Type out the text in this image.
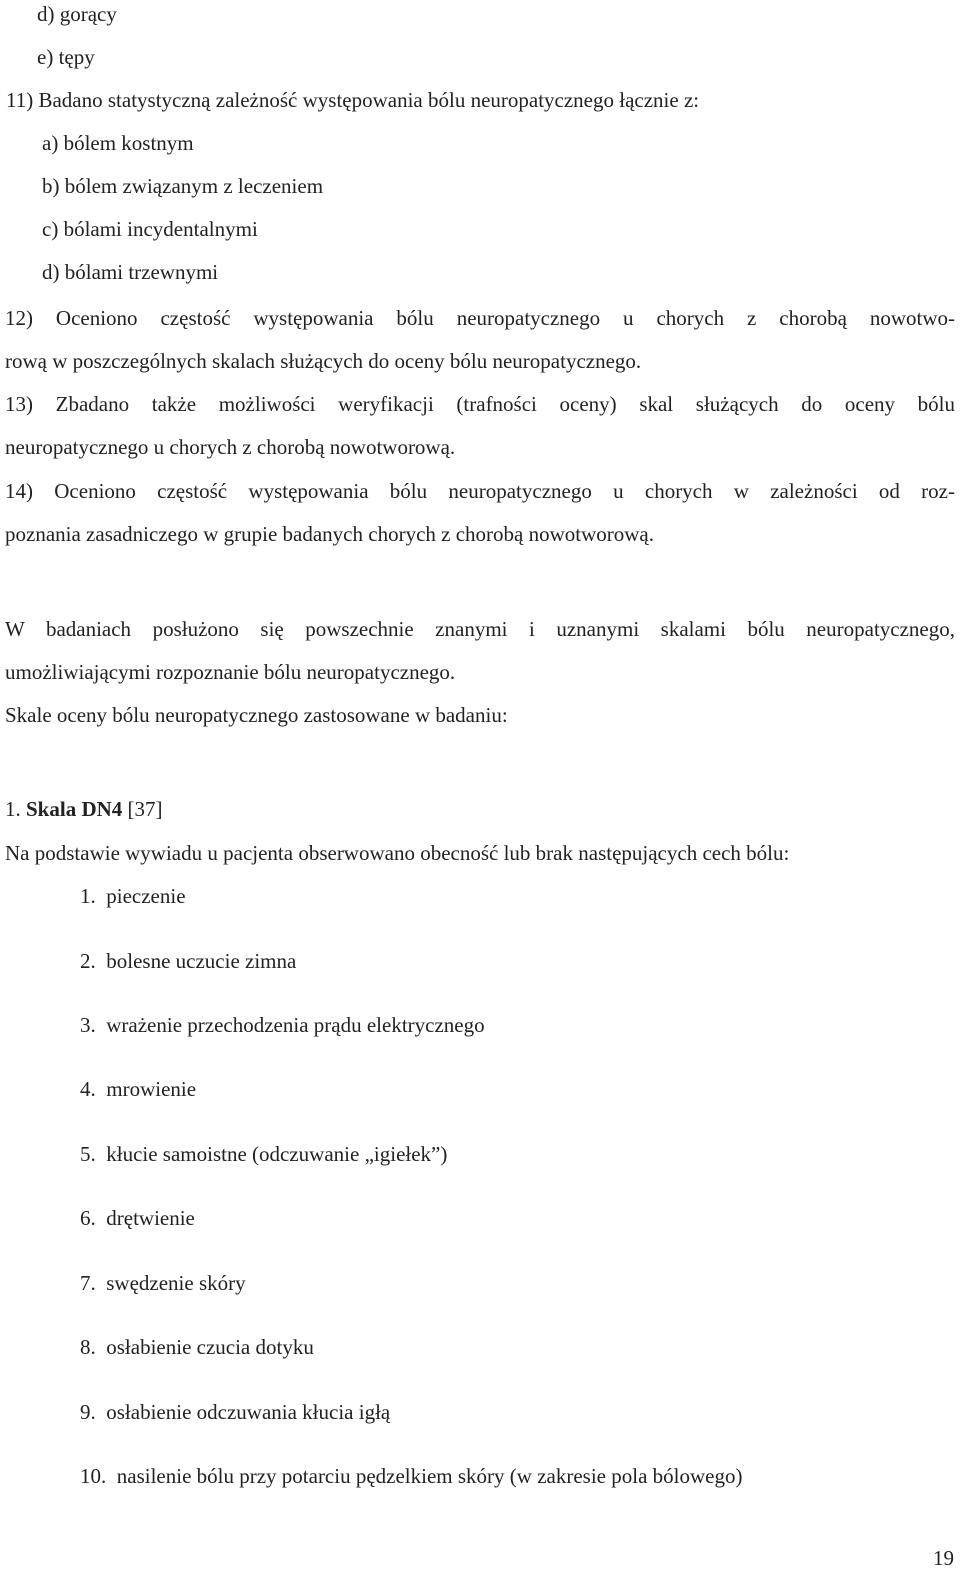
d) gorący
e) tępy
11) Badano statystyczną zależność występowania bólu neuropatycznego łącznie z:
a) bólem kostnym
b) bólem związanym z leczeniem
c) bólami incydentalnymi
d) bólami trzewnymi
12) Oceniono częstość występowania bólu neuropatycznego u chorych z chorobą nowotwo-
rową w poszczególnych skalach służących do oceny bólu neuropatycznego.
13) Zbadano także możliwości weryfikacji (trafności oceny) skal służących do oceny bólu
neuropatycznego u chorych z chorobą nowotworową.
14) Oceniono częstość występowania bólu neuropatycznego u chorych w zależności od roz-
poznania zasadniczego w grupie badanych chorych z chorobą nowotworową.
W badaniach posłużono się powszechnie znanymi i uznanymi skalami bólu neuropatycznego,
umożliwiającymi rozpoznanie bólu neuropatycznego.
Skale oceny bólu neuropatycznego zastosowane w badaniu:
1. Skala DN4 [37]
Na podstawie wywiadu u pacjenta obserwowano obecność lub brak następujących cech bólu:
1. pieczenie
2. bolesne uczucie zimna
3. wrażenie przechodzenia prądu elektrycznego
4. mrowienie
5. kłucie samoistne (odczuwanie „igiełek”)
6. drętwienie
7. swędzenie skóry
8. osłabienie czucia dotyku
9. osłabienie odczuwania kłucia igłą
10. nasilenie bólu przy potarciu pędzelkiem skóry (w zakresie pola bólowego)
19
